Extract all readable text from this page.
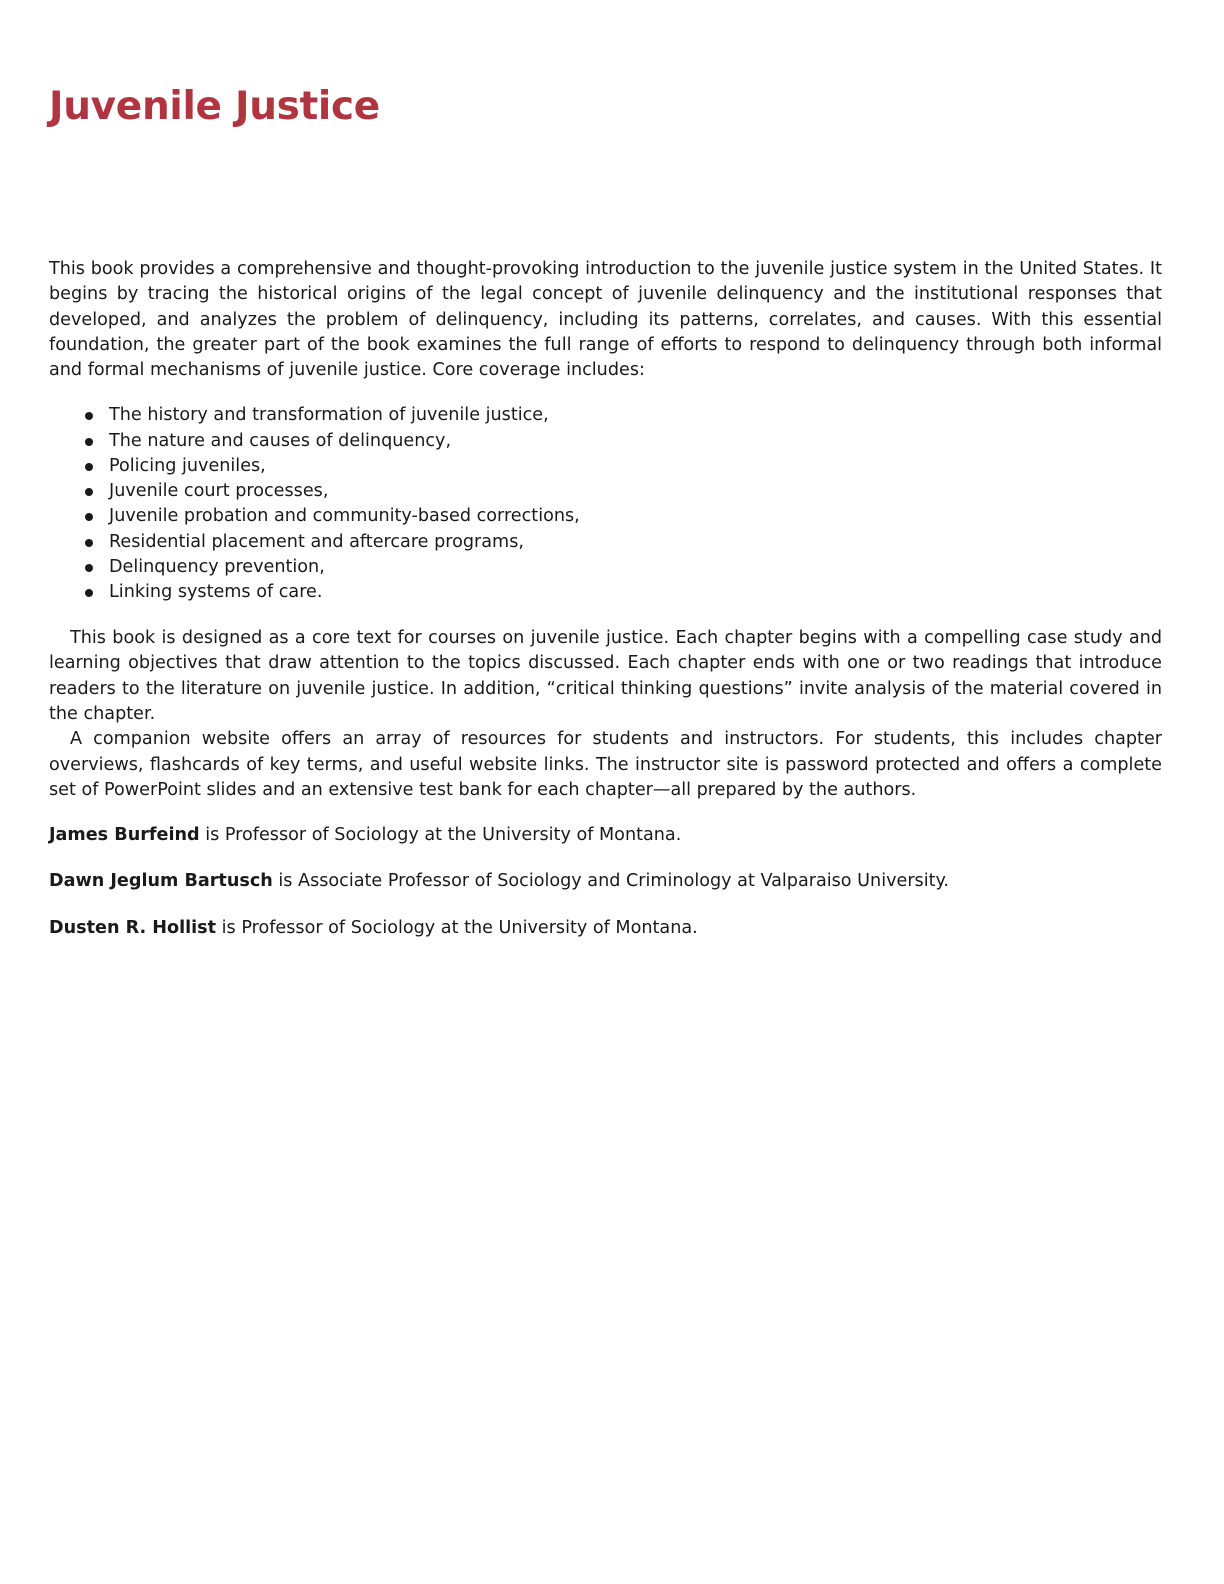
Juvenile Justice

This book provides a comprehensive and thought-provoking introduction to the juvenile justice system in the United States. It begins by tracing the historical origins of the legal concept of juvenile delinquency and the institutional responses that developed, and analyzes the problem of delinquency, including its patterns, correlates, and causes. With this essential foundation, the greater part of the book examines the full range of efforts to respond to delinquency through both informal and formal mechanisms of juvenile justice. Core coverage includes:

The history and transformation of juvenile justice,
The nature and causes of delinquency,
Policing juveniles,
Juvenile court processes,
Juvenile probation and community-based corrections,
Residential placement and aftercare programs,
Delinquency prevention,
Linking systems of care.

This book is designed as a core text for courses on juvenile justice. Each chapter begins with a compelling case study and learning objectives that draw attention to the topics discussed. Each chapter ends with one or two readings that introduce readers to the literature on juvenile justice. In addition, “critical thinking questions” invite analysis of the material covered in the chapter.

A companion website offers an array of resources for students and instructors. For students, this includes chapter overviews, flashcards of key terms, and useful website links. The instructor site is password protected and offers a complete set of PowerPoint slides and an extensive test bank for each chapter—all prepared by the authors.

James Burfeind is Professor of Sociology at the University of Montana.

Dawn Jeglum Bartusch is Associate Professor of Sociology and Criminology at Valparaiso University.

Dusten R. Hollist is Professor of Sociology at the University of Montana.
